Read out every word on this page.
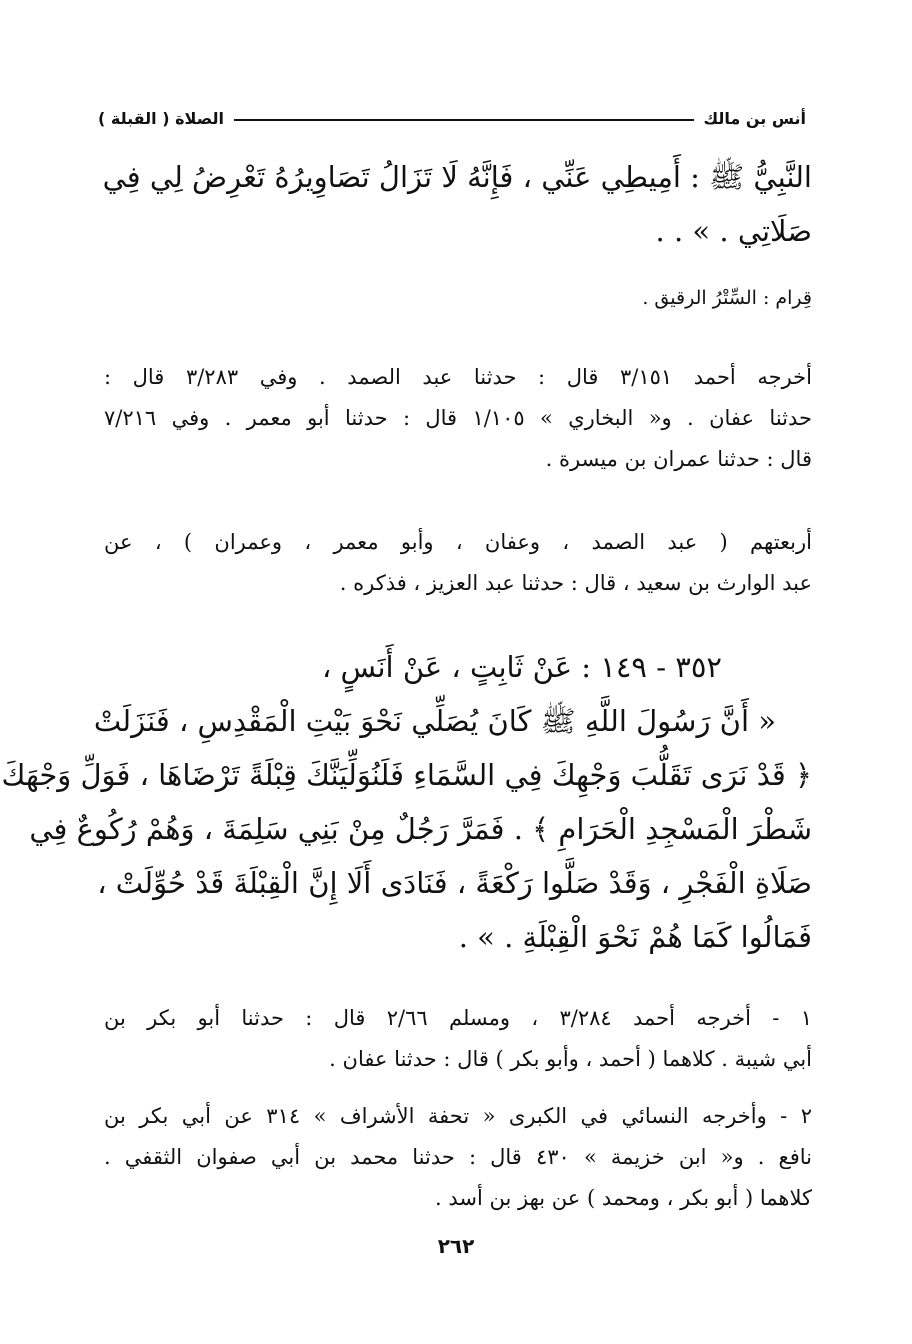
أنس بن مالك
الصلاة ( القبلة )
النَّبِيُّ ﷺ : أَمِيطِي عَنِّي ، فَإِنَّهُ لَا تَزَالُ تَصَاوِيرُهُ تَعْرِضُ لِي فِي
صَلَاتِي . » . .
قِرام : السِّتْرُ الرقيق .
أخرجه أحمد ٣/١٥١ قال : حدثنا عبد الصمد . وفي ٣/٢٨٣ قال :
حدثنا عفان . و« البخاري » ١/١٠٥ قال : حدثنا أبو معمر . وفي ٧/٢١٦
قال : حدثنا عمران بن ميسرة .
أربعتهم ( عبد الصمد ، وعفان ، وأبو معمر ، وعمران ) ، عن
عبد الوارث بن سعيد ، قال : حدثنا عبد العزيز ، فذكره .
٣٥٢ - ١٤٩ : عَنْ ثَابِتٍ ، عَنْ أَنَسٍ ،
« أَنَّ رَسُولَ اللَّهِ ﷺ كَانَ يُصَلِّي نَحْوَ بَيْتِ الْمَقْدِسِ ، فَنَزَلَتْ
﴿ قَدْ نَرَى تَقَلُّبَ وَجْهِكَ فِي السَّمَاءِ فَلَنُوَلِّيَنَّكَ قِبْلَةً تَرْضَاهَا ، فَوَلِّ وَجْهَكَ
شَطْرَ الْمَسْجِدِ الْحَرَامِ ﴾ . فَمَرَّ رَجُلٌ مِنْ بَنِي سَلِمَةَ ، وَهُمْ رُكُوعٌ فِي
صَلَاةِ الْفَجْرِ ، وَقَدْ صَلَّوا رَكْعَةً ، فَنَادَى أَلَا إِنَّ الْقِبْلَةَ قَدْ حُوِّلَتْ ،
فَمَالُوا كَمَا هُمْ نَحْوَ الْقِبْلَةِ . » .
١ - أخرجه أحمد ٣/٢٨٤ ، ومسلم ٢/٦٦ قال : حدثنا أبو بكر بن
أبي شيبة . كلاهما ( أحمد ، وأبو بكر ) قال : حدثنا عفان .
٢ - وأخرجه النسائي في الكبرى « تحفة الأشراف » ٣١٤ عن أبي بكر بن
نافع . و« ابن خزيمة » ٤٣٠ قال : حدثنا محمد بن أبي صفوان الثقفي .
كلاهما ( أبو بكر ، ومحمد ) عن بهز بن أسد .
٢٦٢
